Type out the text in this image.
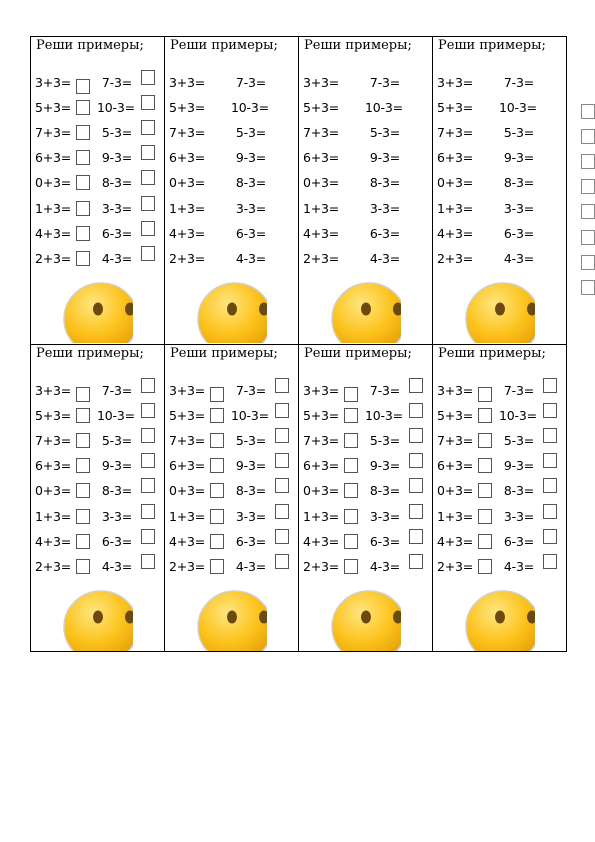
Реши примеры;
3+3=	7-3=
5+3= 10-3=
7+3=	5-3=
6+3=	9-3=
0+3=	8-3=
1+3=	3-3=
4+3=	6-3=
2+3=	4-3=
Реши примеры;
3+3=	7-3=
5+3= 10-3=
7+3=	5-3=
6+3=	9-3=
0+3=	8-3=
1+3=	3-3=
4+3=	6-3=
2+3=	4-3=
Реши примеры;
3+3=	7-3=
5+3= 10-3=
7+3=	5-3=
6+3=	9-3=
0+3=	8-3=
1+3=	3-3=
4+3=	6-3=
2+3=	4-3=
Реши примеры;
3+3=	7-3=
5+3= 10-3=
7+3=	5-3=
6+3=	9-3=
0+3=	8-3=
1+3=	3-3=
4+3=	6-3=
2+3=	4-3=
Реши примеры;
3+3=	7-3=
5+3= 10-3=
7+3=	5-3=
6+3=	9-3=
0+3=	8-3=
1+3=	3-3=
4+3=	6-3=
2+3=	4-3=
Реши примеры;
3+3=	7-3=
5+3= 10-3=
7+3=	5-3=
6+3=	9-3=
0+3=	8-3=
1+3=	3-3=
4+3=	6-3=
2+3=	4-3=
Реши примеры;
3+3=	7-3=
5+3= 10-3=
7+3=	5-3=
6+3=	9-3=
0+3=	8-3=
1+3=	3-3=
4+3=	6-3=
2+3=	4-3=
Реши примеры;
3+3=	7-3=
5+3= 10-3=
7+3=	5-3=
6+3=	9-3=
0+3=	8-3=
1+3=	3-3=
4+3=	6-3=
2+3=	4-3=
